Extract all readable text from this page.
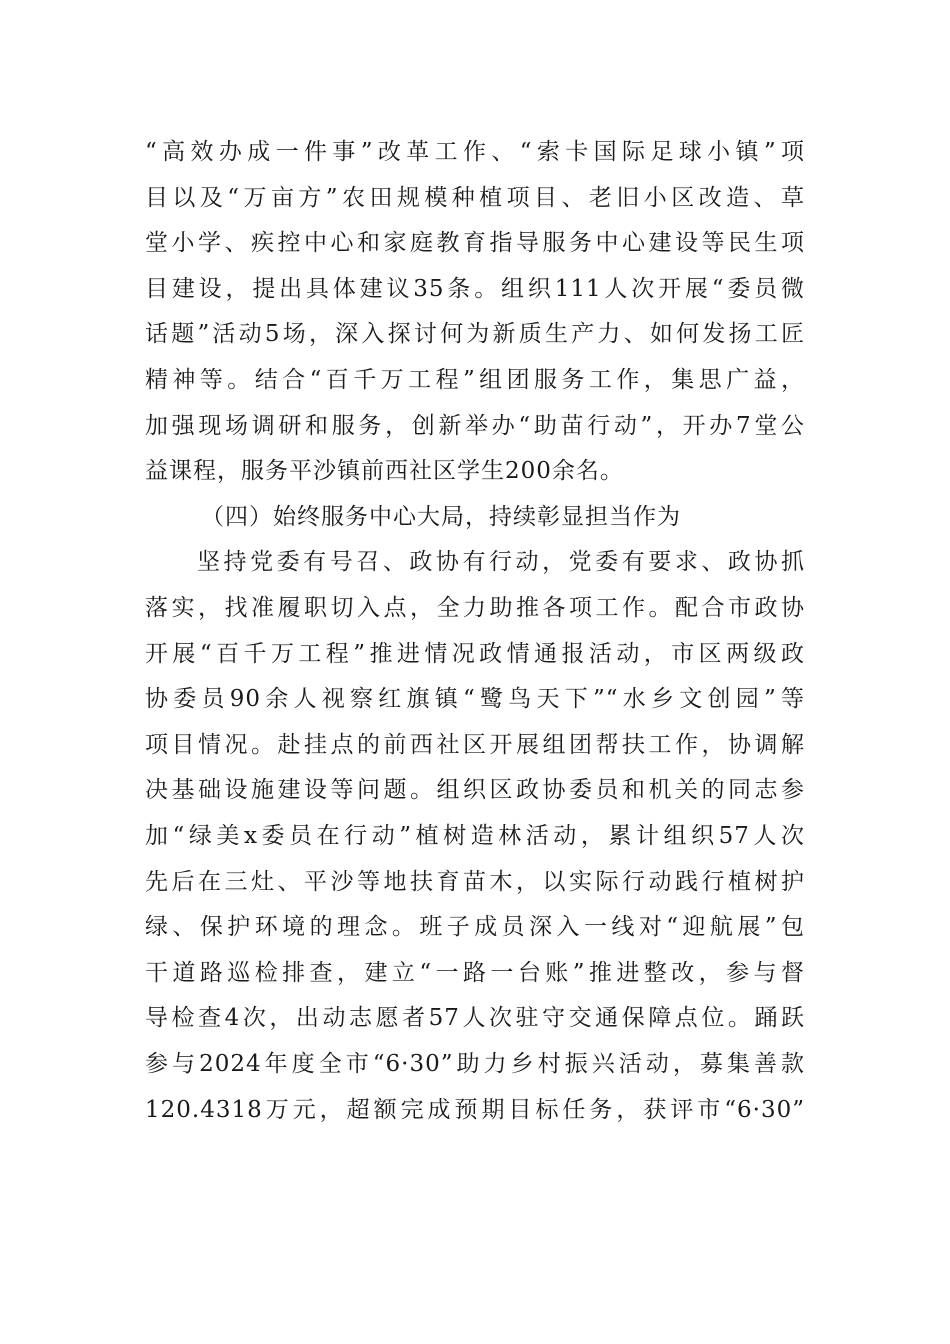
“高效办成一件事”改革工作、“索卡国际足球小镇”项
目以及“万亩方”农田规模种植项目、老旧小区改造、草
堂小学、疾控中心和家庭教育指导服务中心建设等民生项
目建设，提出具体建议35条。组织111人次开展“委员微
话题”活动5场，深入探讨何为新质生产力、如何发扬工匠
精神等。结合“百千万工程”组团服务工作，集思广益，
加强现场调研和服务，创新举办“助苗行动”，开办7堂公
益课程，服务平沙镇前西社区学生200余名。
（四）始终服务中心大局，持续彰显担当作为
坚持党委有号召、政协有行动，党委有要求、政协抓
落实，找准履职切入点，全力助推各项工作。配合市政协
开展“百千万工程”推进情况政情通报活动，市区两级政
协委员90余人视察红旗镇“鹭鸟天下”“水乡文创园”等
项目情况。赴挂点的前西社区开展组团帮扶工作，协调解
决基础设施建设等问题。组织区政协委员和机关的同志参
加“绿美x委员在行动”植树造林活动，累计组织57人次
先后在三灶、平沙等地扶育苗木，以实际行动践行植树护
绿、保护环境的理念。班子成员深入一线对“迎航展”包
干道路巡检排查，建立“一路一台账”推进整改，参与督
导检查4次，出动志愿者57人次驻守交通保障点位。踊跃
参与2024年度全市“6·30”助力乡村振兴活动，募集善款
120.4318万元，超额完成预期目标任务，获评市“6·30”
